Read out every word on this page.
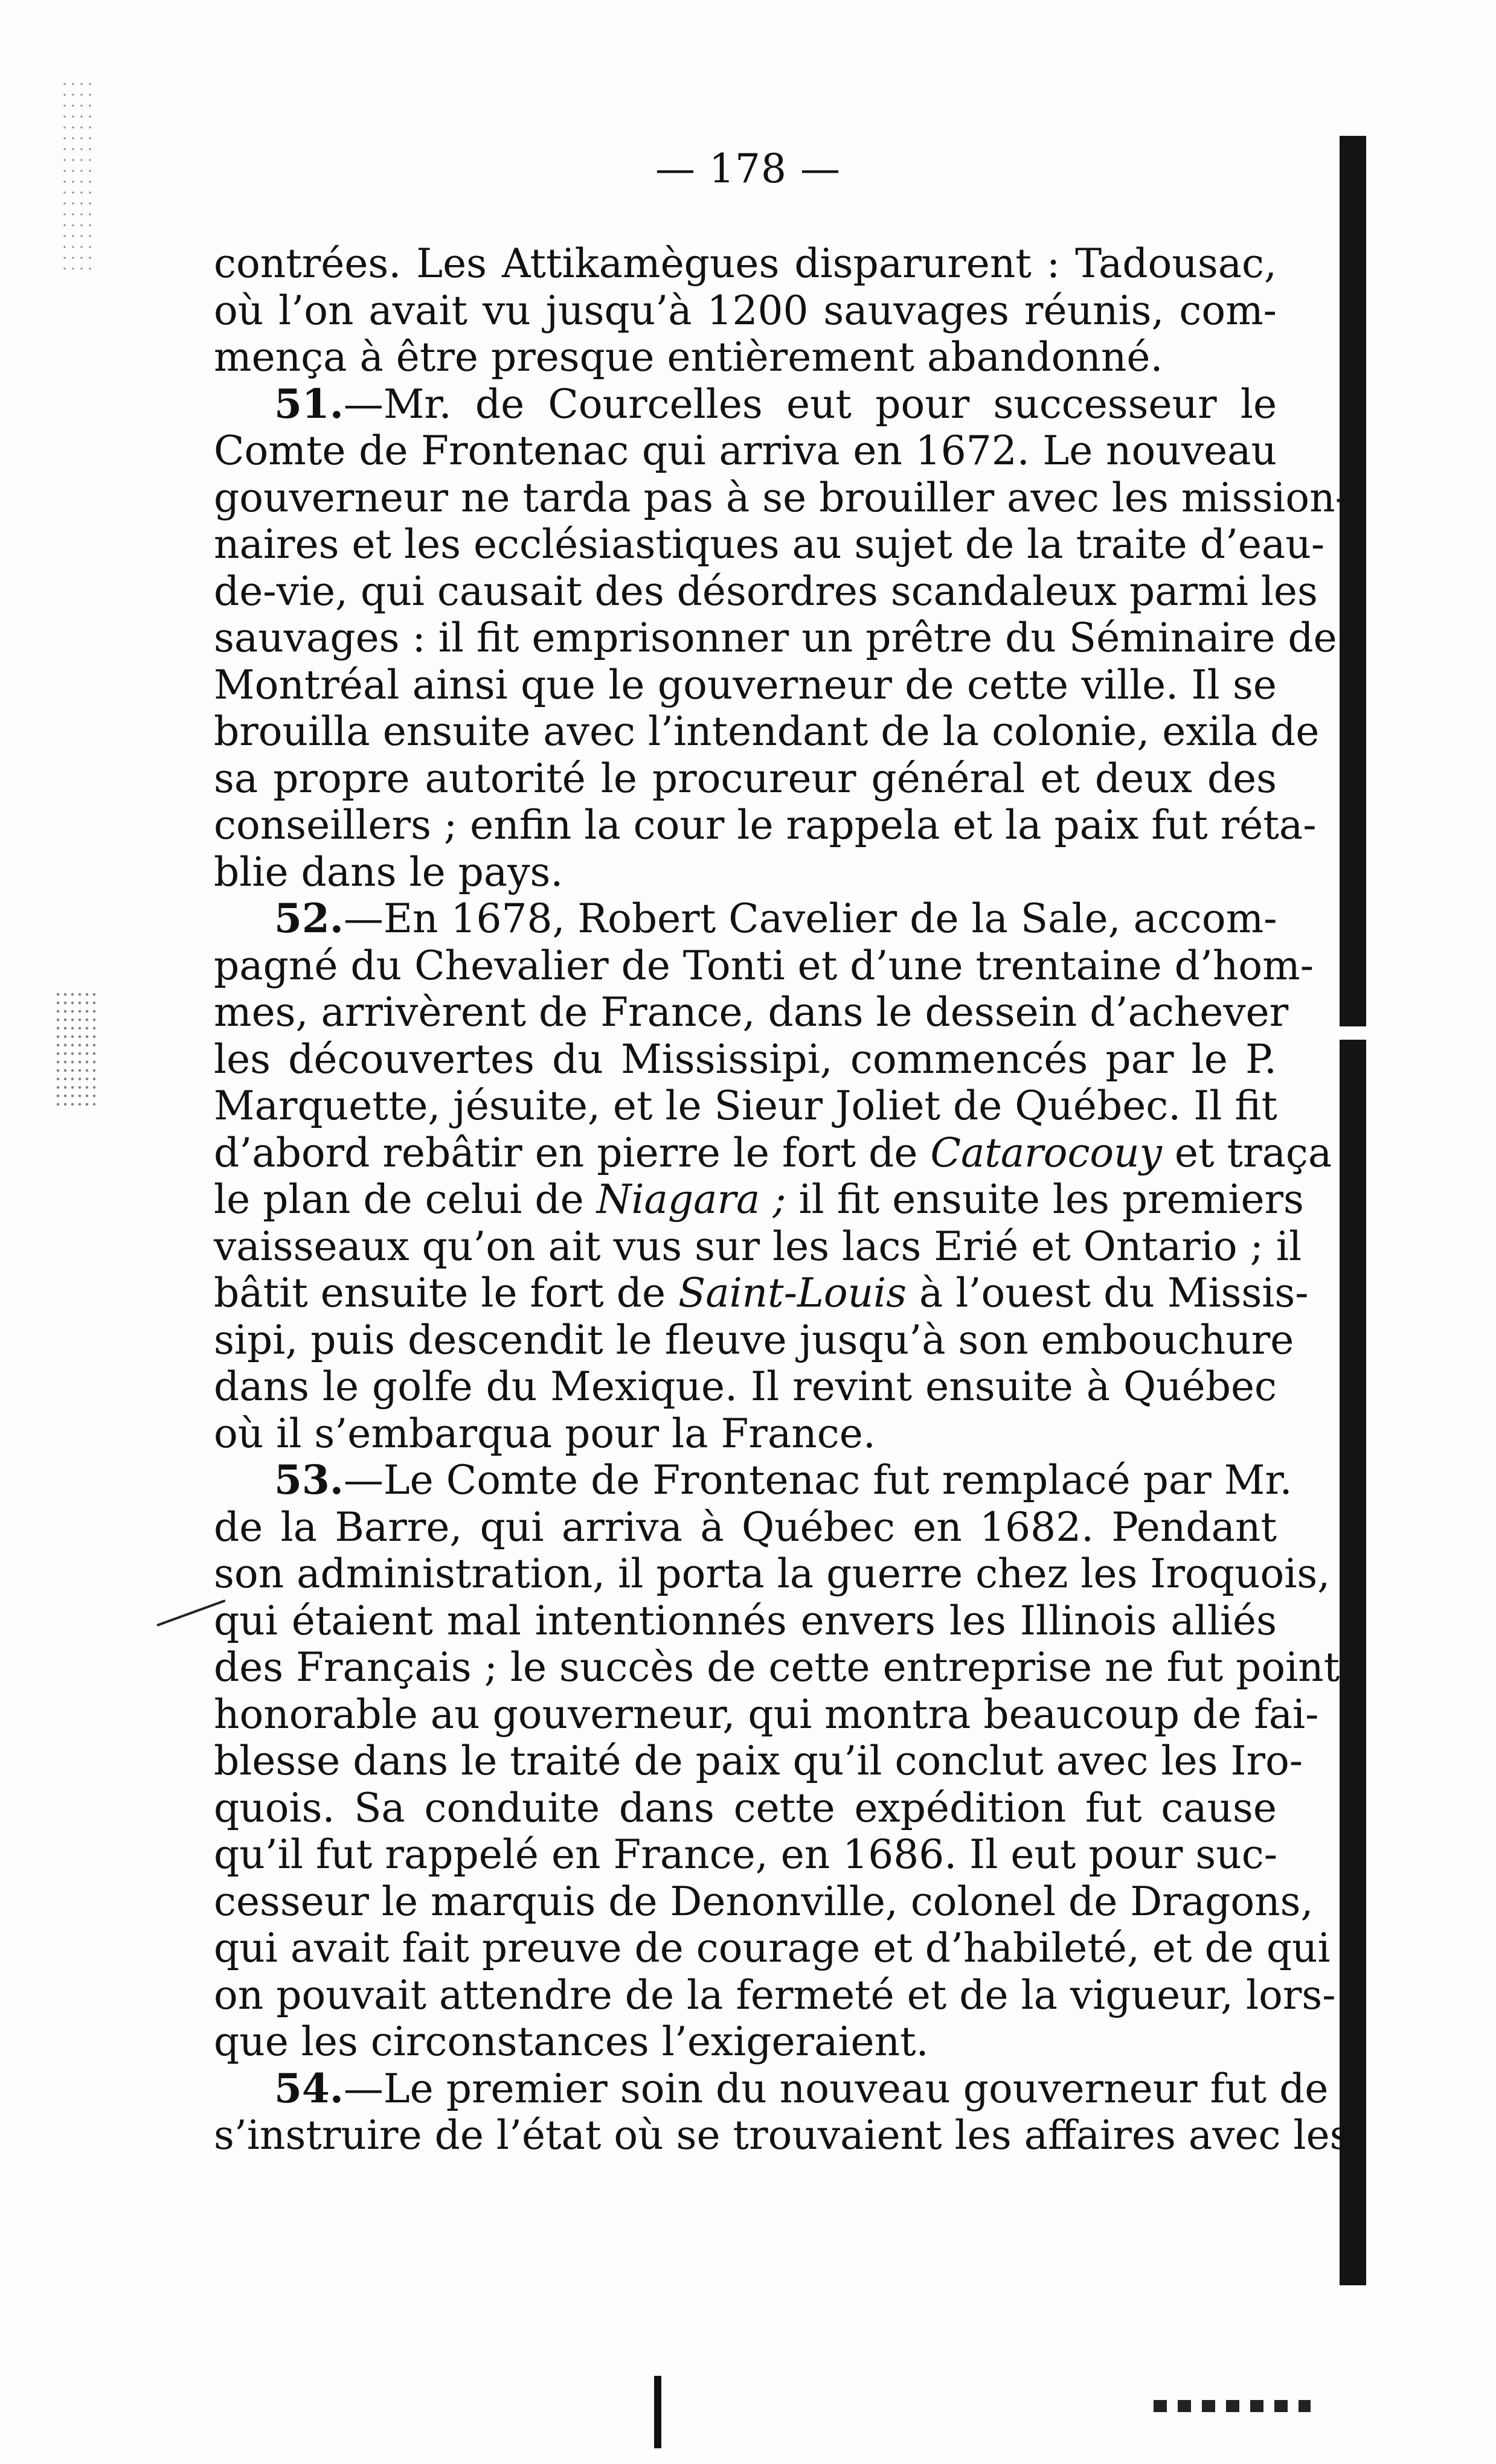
— 178 —
contrées. Les Attikamègues disparurent : Tadousac,
où l’on avait vu jusqu’à 1200 sauvages réunis, com-
mença à être presque entièrement abandonné.
51.—Mr. de Courcelles eut pour successeur le
Comte de Frontenac qui arriva en 1672. Le nouveau
gouverneur ne tarda pas à se brouiller avec les mission-
naires et les ecclésiastiques au sujet de la traite d’eau-
de-vie, qui causait des désordres scandaleux parmi les
sauvages : il fit emprisonner un prêtre du Séminaire de
Montréal ainsi que le gouverneur de cette ville. Il se
brouilla ensuite avec l’intendant de la colonie, exila de
sa propre autorité le procureur général et deux des
conseillers ; enfin la cour le rappela et la paix fut réta-
blie dans le pays.
52.—En 1678, Robert Cavelier de la Sale, accom-
pagné du Chevalier de Tonti et d’une trentaine d’hom-
mes, arrivèrent de France, dans le dessein d’achever
les découvertes du Mississipi, commencés par le P.
Marquette, jésuite, et le Sieur Joliet de Québec. Il fit
d’abord rebâtir en pierre le fort de Catarocouy et traça
le plan de celui de Niagara ; il fit ensuite les premiers
vaisseaux qu’on ait vus sur les lacs Erié et Ontario ; il
bâtit ensuite le fort de Saint-Louis à l’ouest du Missis-
sipi, puis descendit le fleuve jusqu’à son embouchure
dans le golfe du Mexique. Il revint ensuite à Québec
où il s’embarqua pour la France.
53.—Le Comte de Frontenac fut remplacé par Mr.
de la Barre, qui arriva à Québec en 1682. Pendant
son administration, il porta la guerre chez les Iroquois,
qui étaient mal intentionnés envers les Illinois alliés
des Français ; le succès de cette entreprise ne fut point
honorable au gouverneur, qui montra beaucoup de fai-
blesse dans le traité de paix qu’il conclut avec les Iro-
quois. Sa conduite dans cette expédition fut cause
qu’il fut rappelé en France, en 1686. Il eut pour suc-
cesseur le marquis de Denonville, colonel de Dragons,
qui avait fait preuve de courage et d’habileté, et de qui
on pouvait attendre de la fermeté et de la vigueur, lors-
que les circonstances l’exigeraient.
54.—Le premier soin du nouveau gouverneur fut de
s’instruire de l’état où se trouvaient les affaires avec les
